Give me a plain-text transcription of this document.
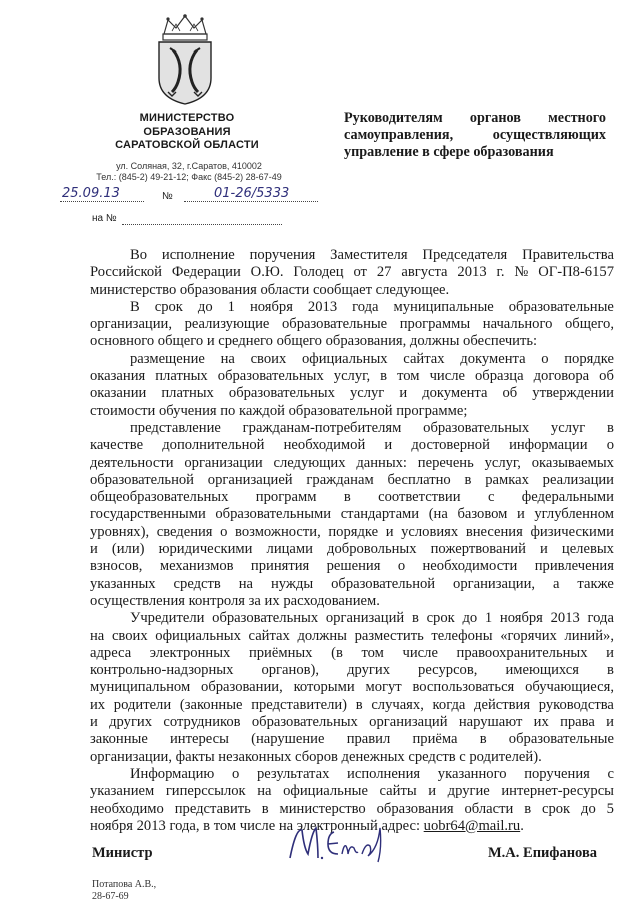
МИНИСТЕРСТВО
ОБРАЗОВАНИЯ
САРАТОВСКОЙ ОБЛАСТИ
ул. Соляная, 32, г.Саратов, 410002
Тел.: (845-2) 49-21-12; Факс (845-2) 28-67-49
25.09.13	№	01-26/5333
на №
Руководителям органов местного
самоуправления,	осуществляющих
управление в сфере образования
Во исполнение поручения Заместителя Председателя Правительства
Российской Федерации О.Ю. Голодец от 27 августа 2013 г. № ОГ-П8-6157
министерство образования области сообщает следующее.
В срок до 1 ноября 2013 года муниципальные образовательные
организации, реализующие образовательные программы начального общего,
основного общего и среднего общего образования, должны обеспечить:
размещение на своих официальных сайтах документа о порядке
оказания платных образовательных услуг, в том числе образца договора об
оказании платных образовательных услуг и документа об утверждении
стоимости обучения по каждой образовательной программе;
представление гражданам-потребителям образовательных услуг в
качестве дополнительной необходимой и достоверной информации о
деятельности организации следующих данных: перечень услуг, оказываемых
образовательной организацией гражданам бесплатно в рамках реализации
общеобразовательных программ в соответствии с федеральными
государственными образовательными стандартами (на базовом и углубленном
уровнях), сведения о возможности, порядке и условиях внесения физическими
и (или) юридическими лицами добровольных пожертвований и целевых
взносов, механизмов принятия решения о необходимости привлечения
указанных средств на нужды образовательной организации, а также
осуществления контроля за их расходованием.
Учредители образовательных организаций в срок до 1 ноября 2013 года
на своих официальных сайтах должны разместить телефоны «горячих линий»,
адреса электронных приёмных (в том числе правоохранительных и
контрольно-надзорных органов), других ресурсов, имеющихся в
муниципальном образовании, которыми могут воспользоваться обучающиеся,
их родители (законные представители) в случаях, когда действия руководства
и других сотрудников образовательных организаций нарушают их права и
законные интересы (нарушение правил приёма в образовательные
организации, факты незаконных сборов денежных средств с родителей).
Информацию о результатах исполнения указанного поручения с
указанием гиперссылок на официальные сайты и другие интернет-ресурсы
необходимо представить в министерство образования области в срок до 5
ноября 2013 года, в том числе на электронный адрес: uobr64@mail.ru.
Министр	М.А. Епифанова
Потапова А.В.,
28-67-69
